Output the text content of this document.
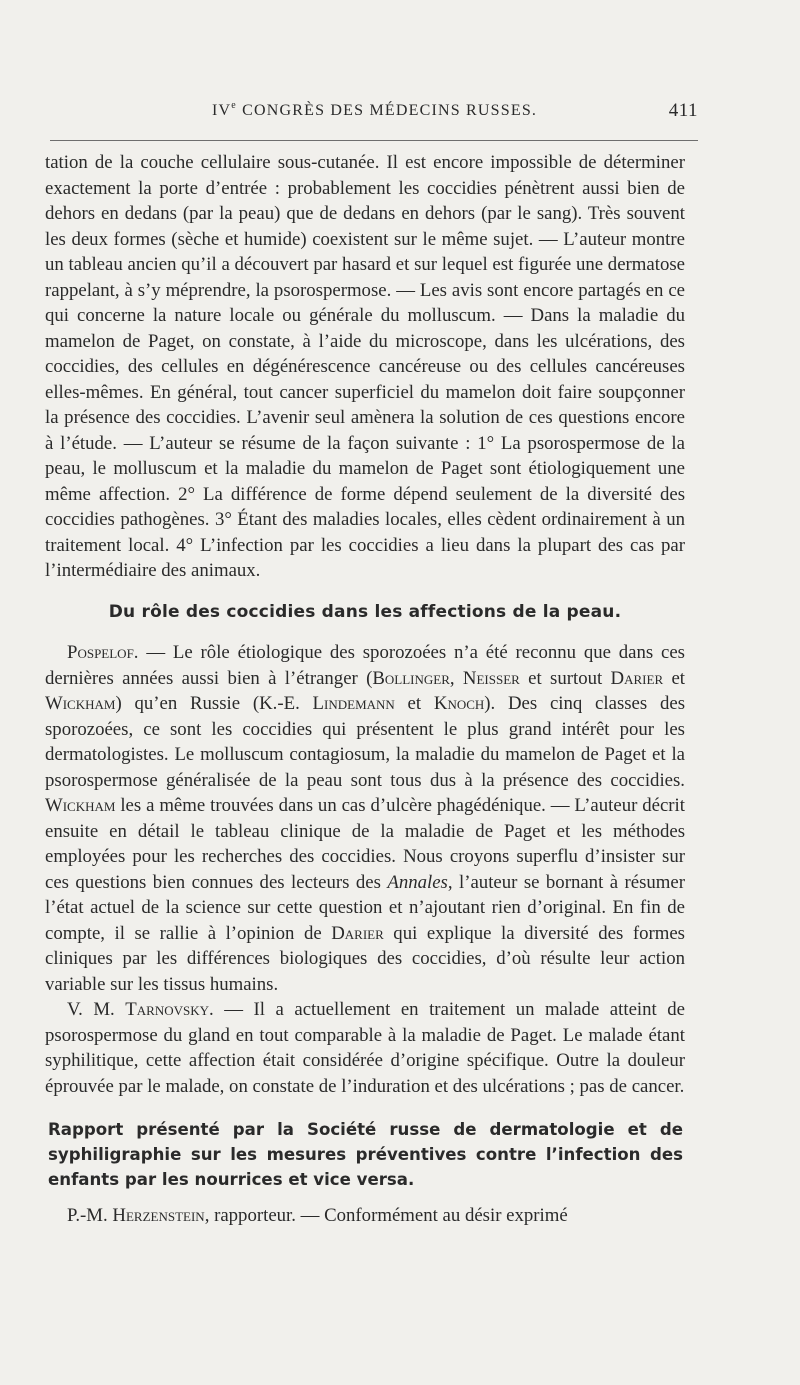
IVe CONGRÈS DES MÉDECINS RUSSES.	411

tation de la couche cellulaire sous-cutanée. Il est encore impossible de déterminer exactement la porte d’entrée : probablement les coccidies pénètrent aussi bien de dehors en dedans (par la peau) que de dedans en dehors (par le sang). Très souvent les deux formes (sèche et humide) coexistent sur le même sujet. — L’auteur montre un tableau ancien qu’il a découvert par hasard et sur lequel est figurée une dermatose rappelant, à s’y méprendre, la psorospermose. — Les avis sont encore partagés en ce qui concerne la nature locale ou générale du molluscum. — Dans la maladie du mamelon de Paget, on constate, à l’aide du microscope, dans les ulcérations, des coccidies, des cellules en dégénérescence cancéreuse ou des cellules cancéreuses elles-mêmes. En général, tout cancer superficiel du mamelon doit faire soupçonner la présence des coccidies. L’avenir seul amènera la solution de ces questions encore à l’étude. — L’auteur se résume de la façon suivante : 1° La psorospermose de la peau, le molluscum et la maladie du mamelon de Paget sont étiologiquement une même affection. 2° La différence de forme dépend seulement de la diversité des coccidies pathogènes. 3° Étant des maladies locales, elles cèdent ordinairement à un traitement local. 4° L’infection par les coccidies a lieu dans la plupart des cas par l’intermédiaire des animaux.

Du rôle des coccidies dans les affections de la peau.

Pospelof. — Le rôle étiologique des sporozoées n’a été reconnu que dans ces dernières années aussi bien à l’étranger (Bollinger, Neisser et surtout Darier et Wickham) qu’en Russie (K.-E. Lindemann et Knoch). Des cinq classes des sporozoées, ce sont les coccidies qui présentent le plus grand intérêt pour les dermatologistes. Le molluscum contagiosum, la maladie du mamelon de Paget et la psorospermose généralisée de la peau sont tous dus à la présence des coccidies. Wickham les a même trouvées dans un cas d’ulcère phagédénique. — L’auteur décrit ensuite en détail le tableau clinique de la maladie de Paget et les méthodes employées pour les recherches des coccidies. Nous croyons superflu d’insister sur ces questions bien connues des lecteurs des Annales, l’auteur se bornant à résumer l’état actuel de la science sur cette question et n’ajoutant rien d’original. En fin de compte, il se rallie à l’opinion de Darier qui explique la diversité des formes cliniques par les différences biologiques des coccidies, d’où résulte leur action variable sur les tissus humains.

V. M. Tarnovsky. — Il a actuellement en traitement un malade atteint de psorospermose du gland en tout comparable à la maladie de Paget. Le malade étant syphilitique, cette affection était considérée d’origine spécifique. Outre la douleur éprouvée par le malade, on constate de l’induration et des ulcérations ; pas de cancer.

Rapport présenté par la Société russe de dermatologie et de syphiligraphie sur les mesures préventives contre l’infection des enfants par les nourrices et vice versa.

P.-M. Herzenstein, rapporteur. — Conformément au désir exprimé
